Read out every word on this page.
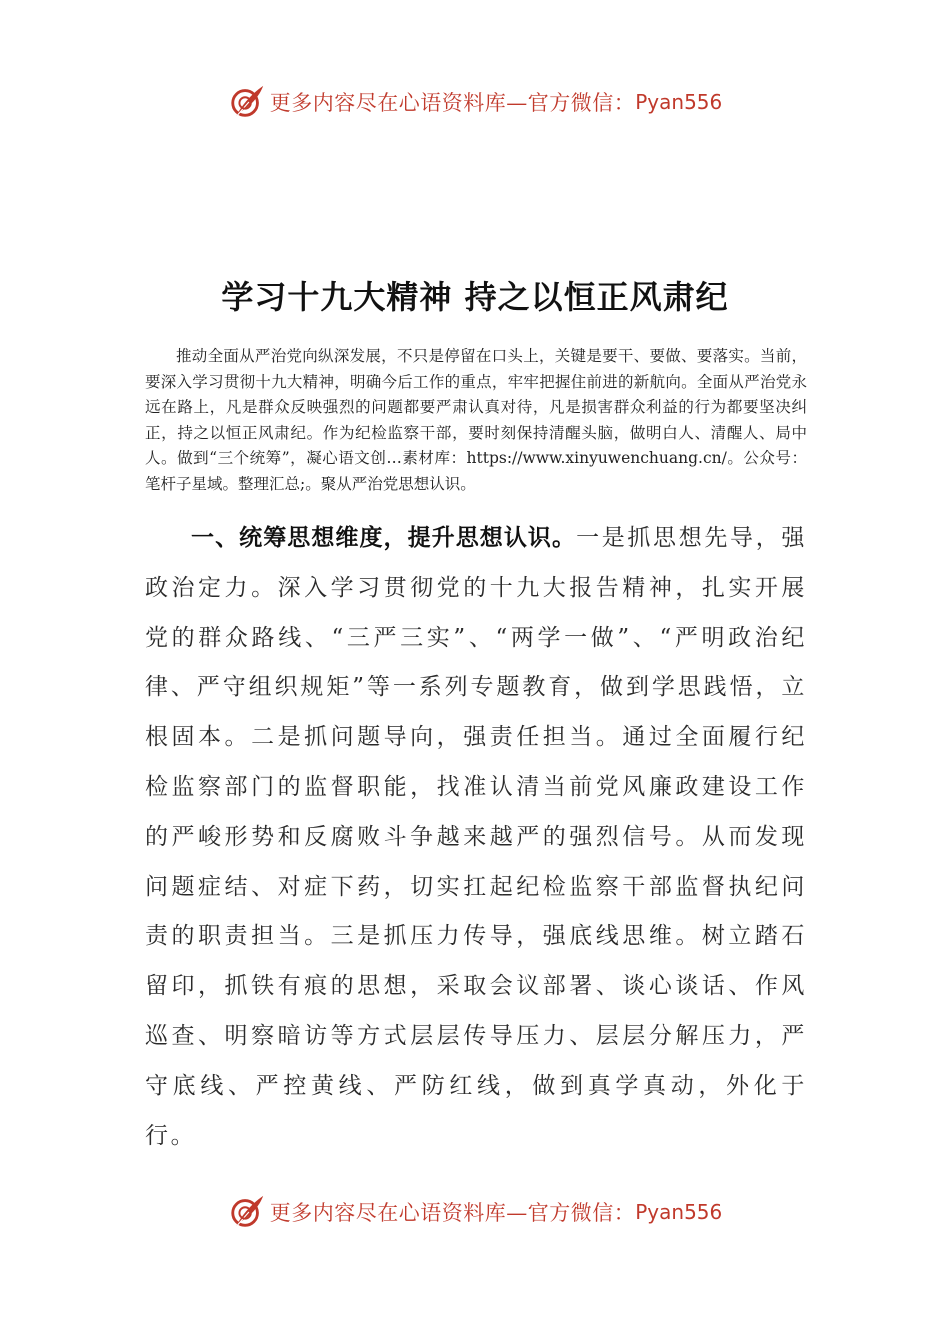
更多内容尽在心语资料库—官方微信： Pyan556
学习十九大精神 持之以恒正风肃纪

推动全面从严治党向纵深发展，不只是停留在口头上，关键是要干、要做、要落实。当前，要深入学习贯彻十九大精神，明确今后工作的重点，牢牢把握住前进的新航向。全面从严治党永远在路上，凡是群众反映强烈的问题都要严肃认真对待，凡是损害群众利益的行为都要坚决纠正，持之以恒正风肃纪。作为纪检监察干部，要时刻保持清醒头脑，做明白人、清醒人、局中人。做到“三个统筹”，凝心语文创…素材库：https://www.xinyuwenchuang.cn/。公众号：笔杆子星域。整理汇总;。聚从严治党思想认识。

一、统筹思想维度，提升思想认识。一是抓思想先导，强政治定力。深入学习贯彻党的十九大报告精神，扎实开展党的群众路线、“三严三实”、“两学一做”、“严明政治纪律、严守组织规矩”等一系列专题教育，做到学思践悟，立根固本。二是抓问题导向，强责任担当。通过全面履行纪检监察部门的监督职能，找准认清当前党风廉政建设工作的严峻形势和反腐败斗争越来越严的强烈信号。从而发现问题症结、对症下药，切实扛起纪检监察干部监督执纪问责的职责担当。三是抓压力传导，强底线思维。树立踏石留印，抓铁有痕的思想，采取会议部署、谈心谈话、作风巡查、明察暗访等方式层层传导压力、层层分解压力，严守底线、严控黄线、严防红线，做到真学真动，外化于行。

更多内容尽在心语资料库—官方微信： Pyan556
